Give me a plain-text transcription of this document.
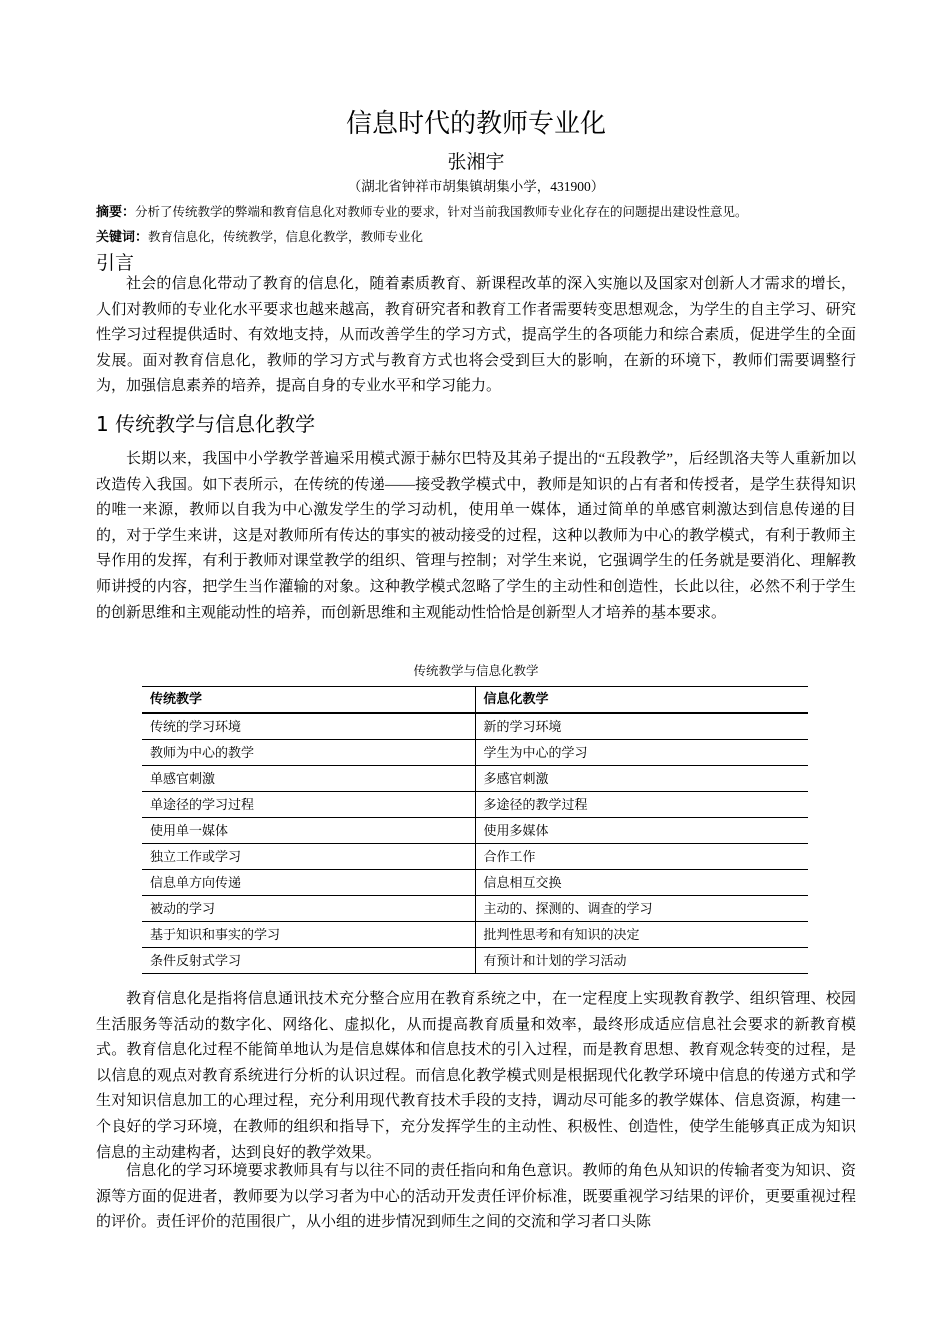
信息时代的教师专业化
张湘宇
（湖北省钟祥市胡集镇胡集小学，431900）
摘要：分析了传统教学的弊端和教育信息化对教师专业的要求，针对当前我国教师专业化存在的问题提出建设性意见。
关键词：教育信息化，传统教学，信息化教学，教师专业化
引言

社会的信息化带动了教育的信息化，随着素质教育、新课程改革的深入实施以及国家对创新人才需求的增长，人们对教师的专业化水平要求也越来越高，教育研究者和教育工作者需要转变思想观念，为学生的自主学习、研究性学习过程提供适时、有效地支持，从而改善学生的学习方式，提高学生的各项能力和综合素质，促进学生的全面发展。面对教育信息化，教师的学习方式与教育方式也将会受到巨大的影响，在新的环境下，教师们需要调整行为，加强信息素养的培养，提高自身的专业水平和学习能力。

1 传统教学与信息化教学

长期以来，我国中小学教学普遍采用模式源于赫尔巴特及其弟子提出的“五段教学”，后经凯洛夫等人重新加以改造传入我国。如下表所示，在传统的传递——接受教学模式中，教师是知识的占有者和传授者，是学生获得知识的唯一来源，教师以自我为中心激发学生的学习动机，使用单一媒体，通过简单的单感官刺激达到信息传递的目的，对于学生来讲，这是对教师所有传达的事实的被动接受的过程，这种以教师为中心的教学模式，有利于教师主导作用的发挥，有利于教师对课堂教学的组织、管理与控制；对学生来说，它强调学生的任务就是要消化、理解教师讲授的内容，把学生当作灌输的对象。这种教学模式忽略了学生的主动性和创造性，长此以往，必然不利于学生的创新思维和主观能动性的培养，而创新思维和主观能动性恰恰是创新型人才培养的基本要求。

传统教学与信息化教学
传统教学	信息化教学
传统的学习环境	新的学习环境
教师为中心的教学	学生为中心的学习
单感官刺激	多感官刺激
单途径的学习过程	多途径的教学过程
使用单一媒体	使用多媒体
独立工作或学习	合作工作
信息单方向传递	信息相互交换
被动的学习	主动的、探测的、调查的学习
基于知识和事实的学习	批判性思考和有知识的决定
条件反射式学习	有预计和计划的学习活动

教育信息化是指将信息通讯技术充分整合应用在教育系统之中，在一定程度上实现教育教学、组织管理、校园生活服务等活动的数字化、网络化、虚拟化，从而提高教育质量和效率，最终形成适应信息社会要求的新教育模式。教育信息化过程不能简单地认为是信息媒体和信息技术的引入过程，而是教育思想、教育观念转变的过程，是以信息的观点对教育系统进行分析的认识过程。而信息化教学模式则是根据现代化教学环境中信息的传递方式和学生对知识信息加工的心理过程，充分利用现代教育技术手段的支持，调动尽可能多的教学媒体、信息资源，构建一个良好的学习环境，在教师的组织和指导下，充分发挥学生的主动性、积极性、创造性，使学生能够真正成为知识信息的主动建构者，达到良好的教学效果。

信息化的学习环境要求教师具有与以往不同的责任指向和角色意识。教师的角色从知识的传输者变为知识、资源等方面的促进者，教师要为以学习者为中心的活动开发责任评价标准，既要重视学习结果的评价，更要重视过程的评价。责任评价的范围很广，从小组的进步情况到师生之间的交流和学习者口头陈
